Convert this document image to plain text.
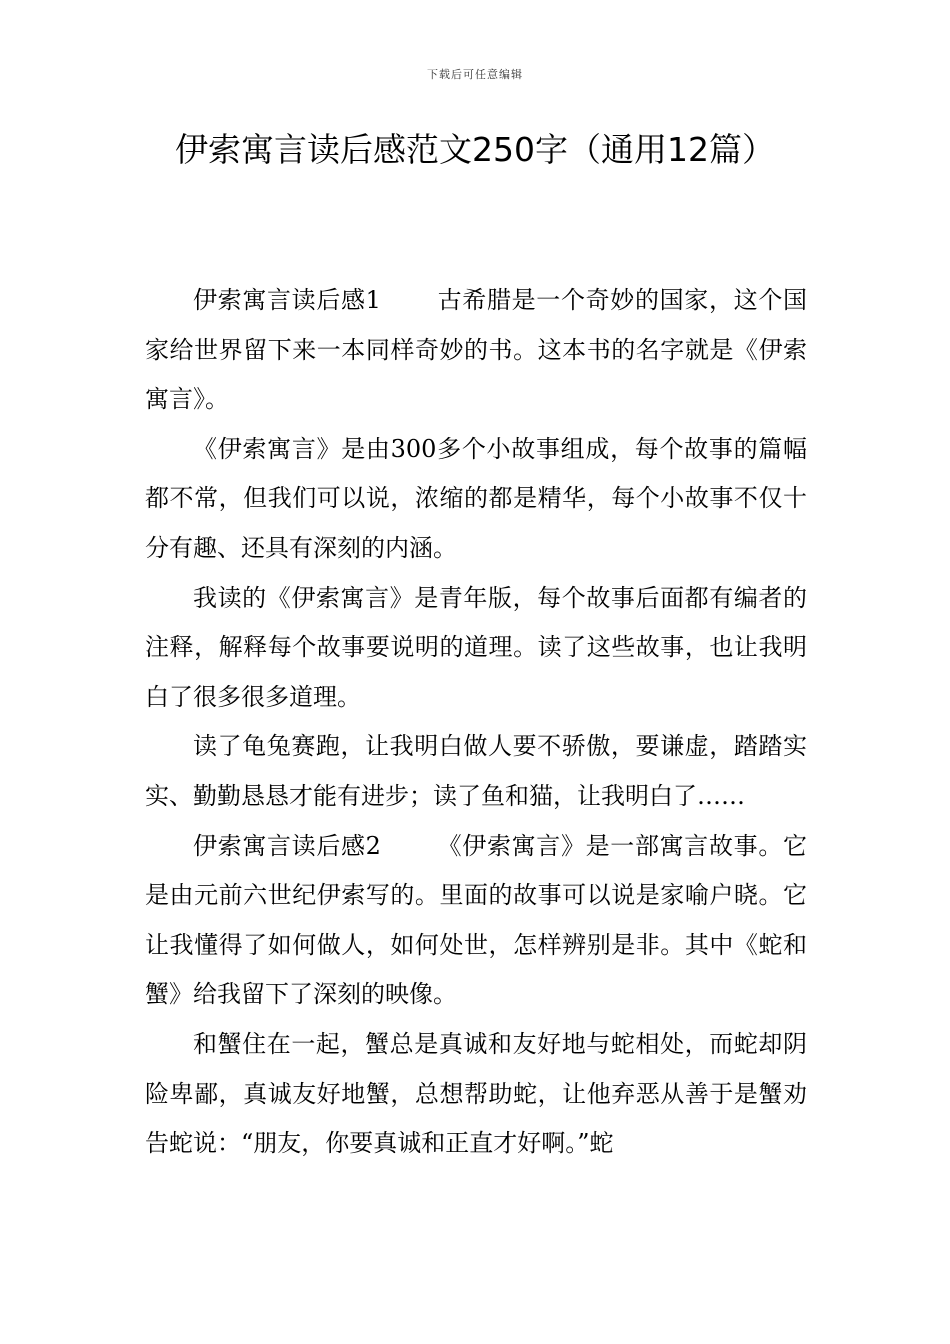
下载后可任意编辑
伊索寓言读后感范文250字（通用12篇）

伊索寓言读后感1 古希腊是一个奇妙的国家，这个国家给世界留下来一本同样奇妙的书。这本书的名字就是《伊索寓言》。

《伊索寓言》是由300多个小故事组成，每个故事的篇幅都不常，但我们可以说，浓缩的都是精华，每个小故事不仅十分有趣、还具有深刻的内涵。

我读的《伊索寓言》是青年版，每个故事后面都有编者的注释，解释每个故事要说明的道理。读了这些故事，也让我明白了很多很多道理。

读了龟兔赛跑，让我明白做人要不骄傲，要谦虚，踏踏实实、勤勤恳恳才能有进步；读了鱼和猫，让我明白了……

伊索寓言读后感2 《伊索寓言》是一部寓言故事。它是由元前六世纪伊索写的。里面的故事可以说是家喻户晓。它让我懂得了如何做人，如何处世，怎样辨别是非。其中《蛇和蟹》给我留下了深刻的映像。

和蟹住在一起，蟹总是真诚和友好地与蛇相处，而蛇却阴险卑鄙，真诚友好地蟹，总想帮助蛇，让他弃恶从善于是蟹劝告蛇说：“朋友，你要真诚和正直才好啊。”蛇
